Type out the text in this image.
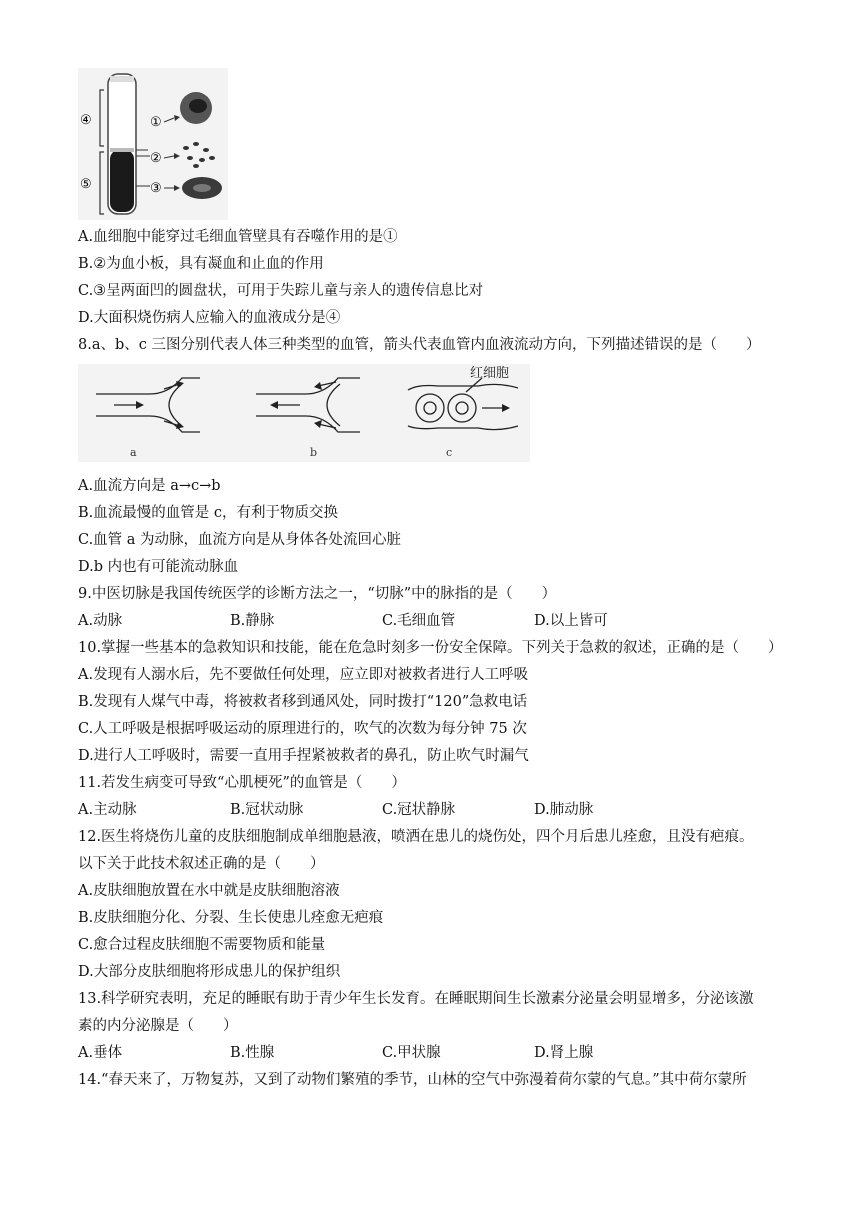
④
⑤
①
②
③
A.血细胞中能穿过毛细血管壁具有吞噬作用的是①
B.②为血小板，具有凝血和止血的作用
C.③呈两面凹的圆盘状，可用于失踪儿童与亲人的遗传信息比对
D.大面积烧伤病人应输入的血液成分是④
8.a、b、c 三图分别代表人体三种类型的血管，箭头代表血管内血液流动方向，下列描述错误的是（　　）
红细胞
a	b	c
A.血流方向是 a→c→b
B.血流最慢的血管是 c，有利于物质交换
C.血管 a 为动脉，血流方向是从身体各处流回心脏
D.b 内也有可能流动脉血
9.中医切脉是我国传统医学的诊断方法之一，“切脉”中的脉指的是（　　）
A.动脉	B.静脉	C.毛细血管	D.以上皆可
10.掌握一些基本的急救知识和技能，能在危急时刻多一份安全保障。下列关于急救的叙述，正确的是（　　）
A.发现有人溺水后，先不要做任何处理，应立即对被救者进行人工呼吸
B.发现有人煤气中毒，将被救者移到通风处，同时拨打“120”急救电话
C.人工呼吸是根据呼吸运动的原理进行的，吹气的次数为每分钟 75 次
D.进行人工呼吸时，需要一直用手捏紧被救者的鼻孔，防止吹气时漏气
11.若发生病变可导致“心肌梗死”的血管是（　　）
A.主动脉	B.冠状动脉	C.冠状静脉	D.肺动脉
12.医生将烧伤儿童的皮肤细胞制成单细胞悬液，喷洒在患儿的烧伤处，四个月后患儿痊愈，且没有疤痕。
以下关于此技术叙述正确的是（　　）
A.皮肤细胞放置在水中就是皮肤细胞溶液
B.皮肤细胞分化、分裂、生长使患儿痊愈无疤痕
C.愈合过程皮肤细胞不需要物质和能量
D.大部分皮肤细胞将形成患儿的保护组织
13.科学研究表明，充足的睡眠有助于青少年生长发育。在睡眠期间生长激素分泌量会明显增多，分泌该激
素的内分泌腺是（　　）
A.垂体	B.性腺	C.甲状腺	D.肾上腺
14.“春天来了，万物复苏，又到了动物们繁殖的季节，山林的空气中弥漫着荷尔蒙的气息。”其中荷尔蒙所
